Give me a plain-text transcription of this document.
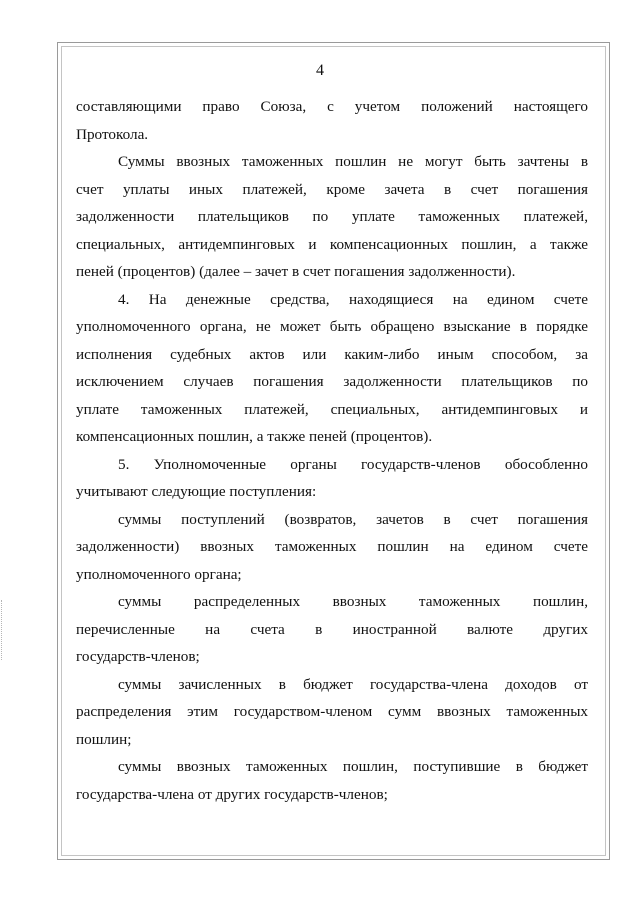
4
составляющими право Союза, с учетом положений настоящего
Протокола.
Суммы ввозных таможенных пошлин не могут быть зачтены в
счет уплаты иных платежей, кроме зачета в счет погашения
задолженности плательщиков по уплате таможенных платежей,
специальных, антидемпинговых и компенсационных пошлин, а также
пеней (процентов) (далее – зачет в счет погашения задолженности).
4. На денежные средства, находящиеся на едином счете
уполномоченного органа, не может быть обращено взыскание в порядке
исполнения судебных актов или каким-либо иным способом, за
исключением случаев погашения задолженности плательщиков по
уплате таможенных платежей, специальных, антидемпинговых и
компенсационных пошлин, а также пеней (процентов).
5. Уполномоченные органы государств-членов обособленно
учитывают следующие поступления:
суммы поступлений (возвратов, зачетов в счет погашения
задолженности) ввозных таможенных пошлин на едином счете
уполномоченного органа;
суммы распределенных ввозных таможенных пошлин,
перечисленные на счета в иностранной валюте других
государств-членов;
суммы зачисленных в бюджет государства-члена доходов от
распределения этим государством-членом сумм ввозных таможенных
пошлин;
суммы ввозных таможенных пошлин, поступившие в бюджет
государства-члена от других государств-членов;
